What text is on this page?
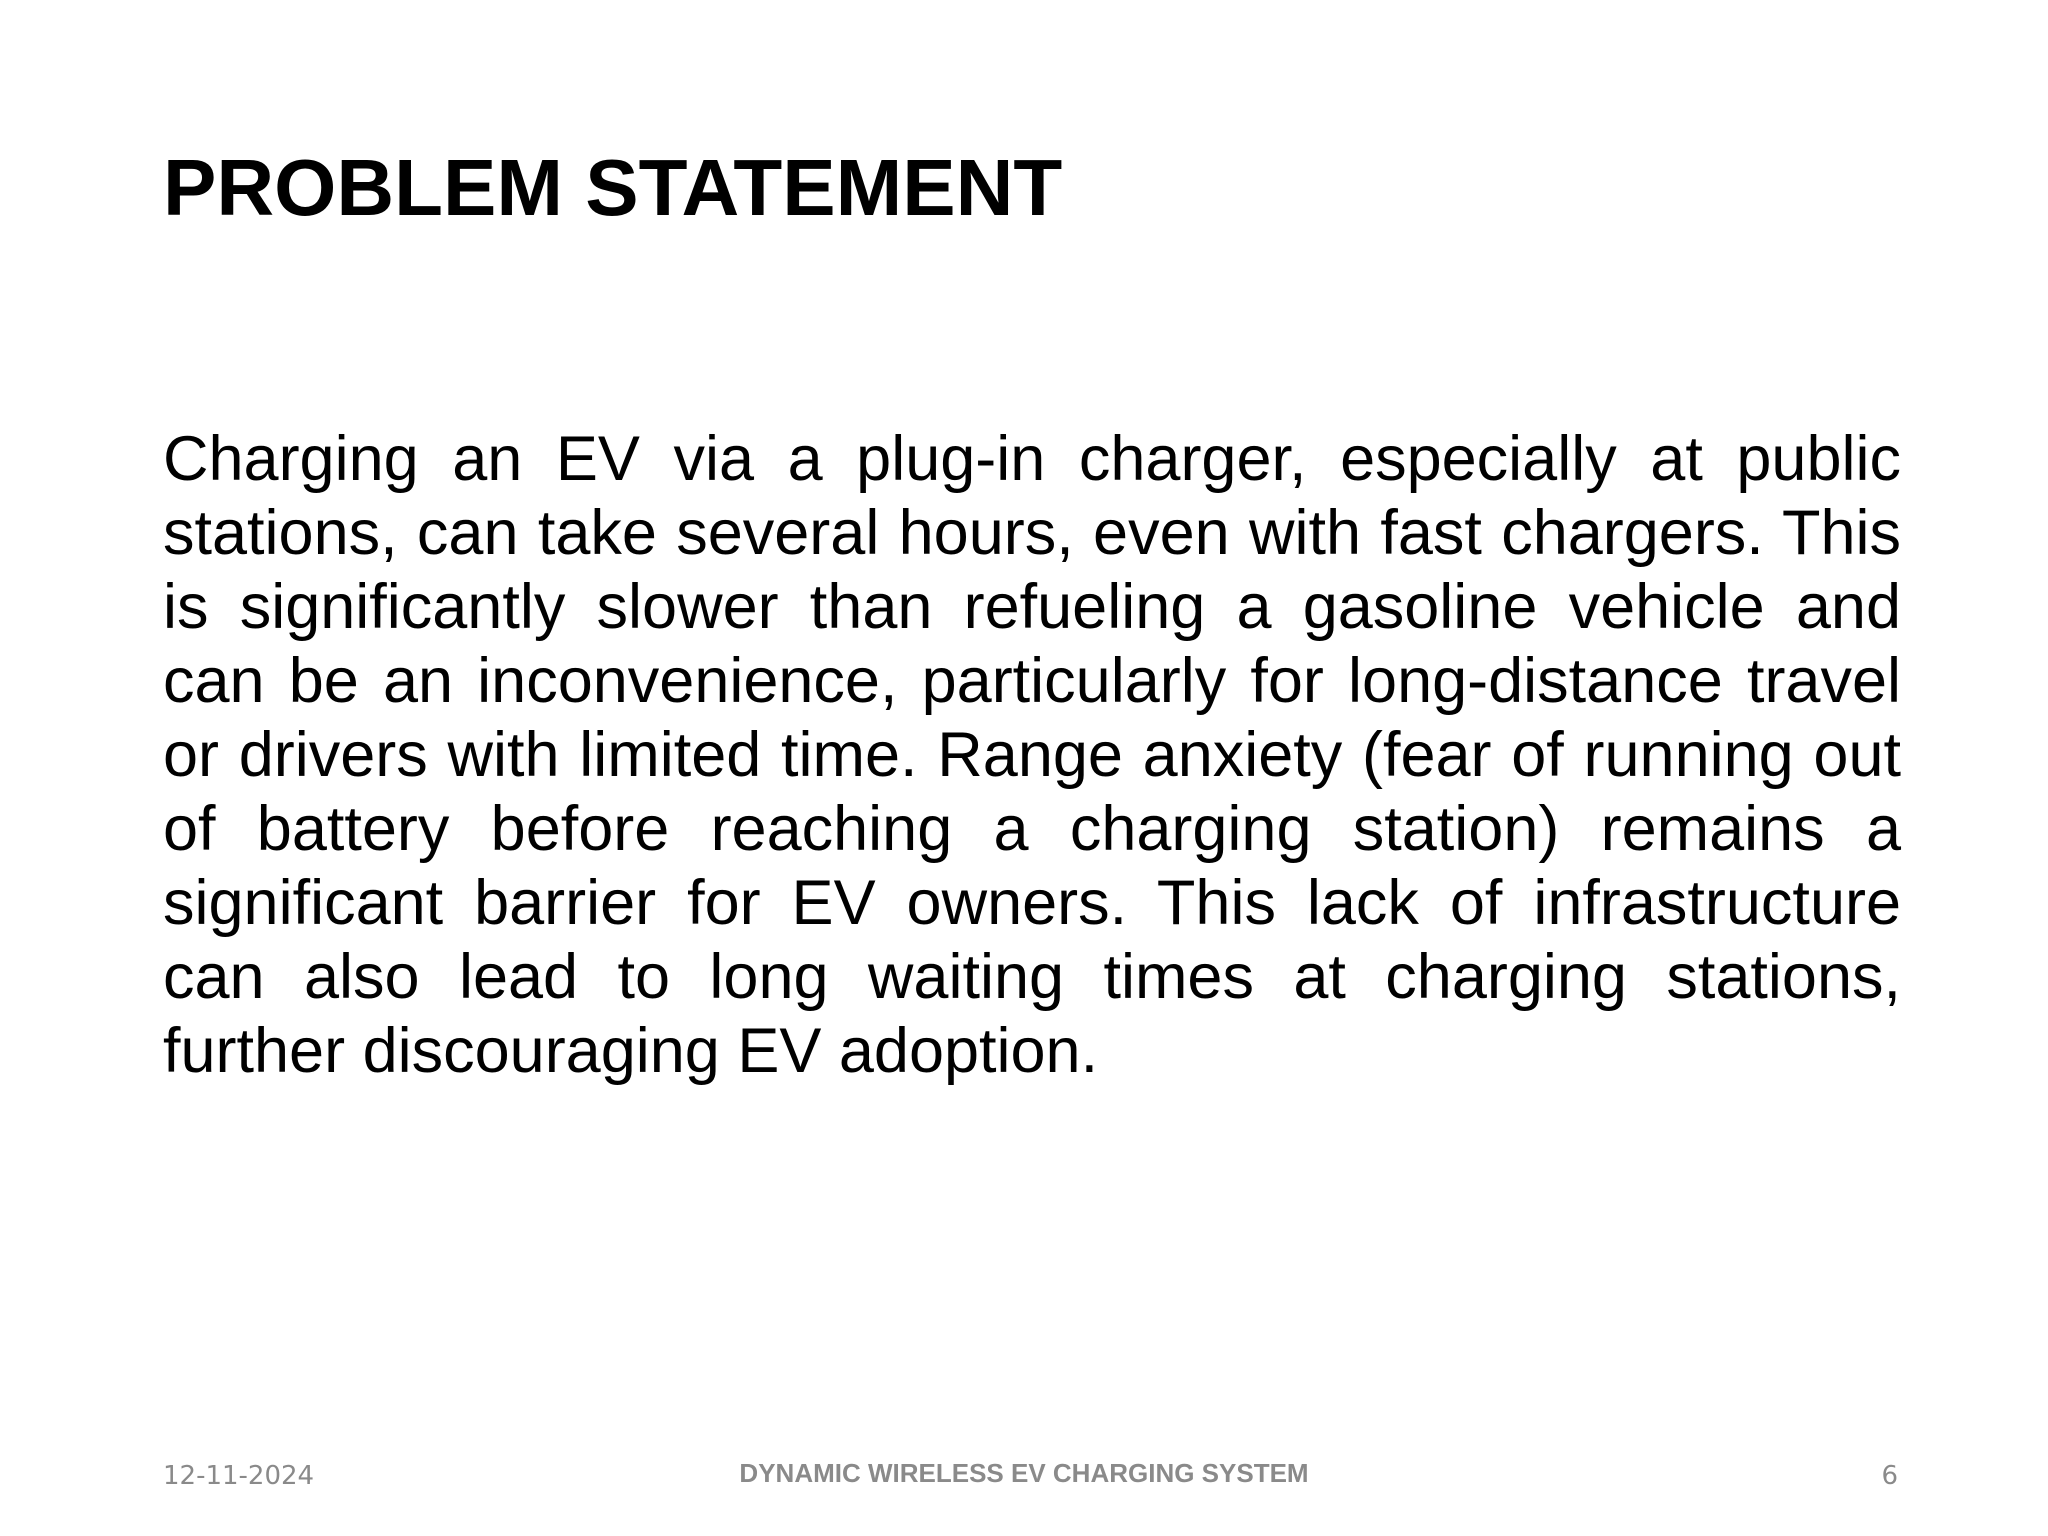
PROBLEM STATEMENT

Charging an EV via a plug-in charger, especially at public stations, can take several hours, even with fast chargers. This is significantly slower than refueling a gasoline vehicle and can be an inconvenience, particularly for long-distance travel or drivers with limited time. Range anxiety (fear of running out of battery before reaching a charging station) remains a significant barrier for EV owners. This lack of infrastructure can also lead to long waiting times at charging stations, further discouraging EV adoption.

12-11-2024	DYNAMIC WIRELESS EV CHARGING SYSTEM	6
